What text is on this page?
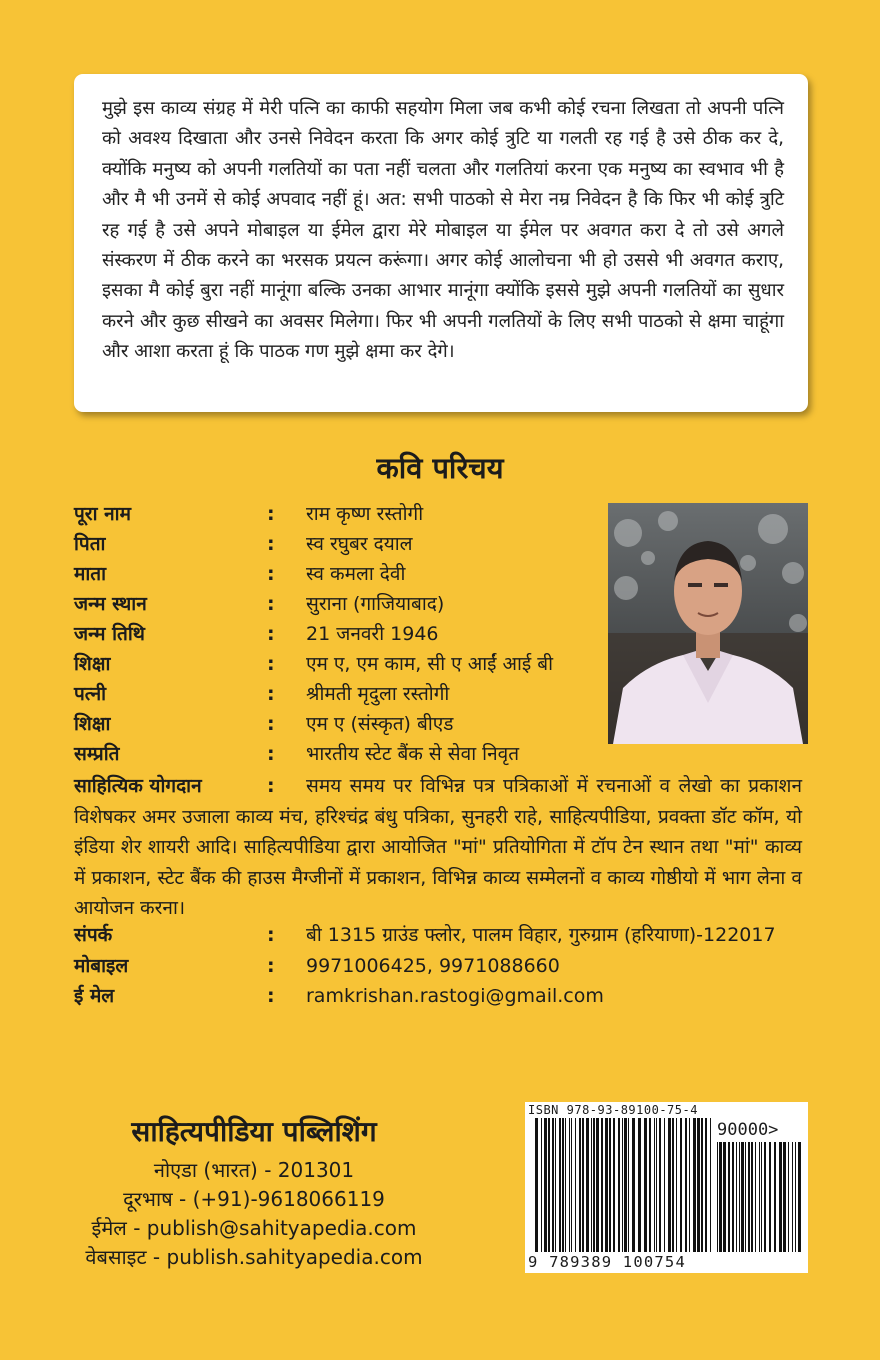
मुझे इस काव्य संग्रह में मेरी पत्नि का काफी सहयोग मिला जब कभी कोई रचना लिखता तो अपनी पत्नि को अवश्य दिखाता और उनसे निवेदन करता कि अगर कोई त्रुटि या गलती रह गई है उसे ठीक कर दे, क्योंकि मनुष्य को अपनी गलतियों का पता नहीं चलता और गलतियां करना एक मनुष्य का स्वभाव भी है और मै भी उनमें से कोई अपवाद नहीं हूं। अत: सभी पाठको से मेरा नम्र निवेदन है कि फिर भी कोई त्रुटि रह गई है उसे अपने मोबाइल या ईमेल द्वारा मेरे मोबाइल या ईमेल पर अवगत करा दे तो उसे अगले संस्करण में ठीक करने का भरसक प्रयत्न करूंगा। अगर कोई आलोचना भी हो उससे भी अवगत कराए, इसका मै कोई बुरा नहीं मानूंगा बल्कि उनका आभार मानूंगा क्योंकि इससे मुझे अपनी गलतियों का सुधार करने और कुछ सीखने का अवसर मिलेगा। फिर भी अपनी गलतियों के लिए सभी पाठको से क्षमा चाहूंगा और आशा करता हूं कि पाठक गण मुझे क्षमा कर देगे।

कवि परिचय
पूरा नाम	: राम कृष्ण रस्तोगी
पिता	: स्व रघुबर दयाल
माता	: स्व कमला देवी
जन्म स्थान	: सुराना (गाजियाबाद)
जन्म तिथि	: 21 जनवरी 1946
शिक्षा	: एम ए, एम काम, सी ए आईं आई बी
पत्नी	: श्रीमती मृदुला रस्तोगी
शिक्षा	: एम ए (संस्कृत) बीएड
सम्प्रति	: भारतीय स्टेट बैंक से सेवा निवृत
साहित्यिक योगदान	:	समय समय पर विभिन्न पत्र पत्रिकाओं में रचनाओं व लेखो का प्रकाशन विशेषकर अमर उजाला काव्य मंच, हरिश्चंद्र बंधु पत्रिका, सुनहरी राहे, साहित्यपीडिया, प्रवक्ता डॉट कॉम, यो इंडिया शेर शायरी आदि। साहित्यपीडिया द्वारा आयोजित "मां" प्रतियोगिता में टॉप टेन स्थान तथा "मां" काव्य में प्रकाशन, स्टेट बैंक की हाउस मैग्जीनों में प्रकाशन, विभिन्न काव्य सम्मेलनों व काव्य गोष्ठीयो में भाग लेना व आयोजन करना।

संपर्क	: बी 1315 ग्राउंड फ्लोर, पालम विहार, गुरुग्राम (हरियाणा)-122017
मोबाइल	: 9971006425, 9971088660
ई मेल	: ramkrishan.rastogi@gmail.com

साहित्यपीडिया पब्लिशिंग

नोएडा (भारत) - 201301

दूरभाष - (+91)-9618066119

ईमेल - publish@sahityapedia.com

वेबसाइट - publish.sahityapedia.com

ISBN 978-93-89100-75-4
90000>
9 789389 100754
